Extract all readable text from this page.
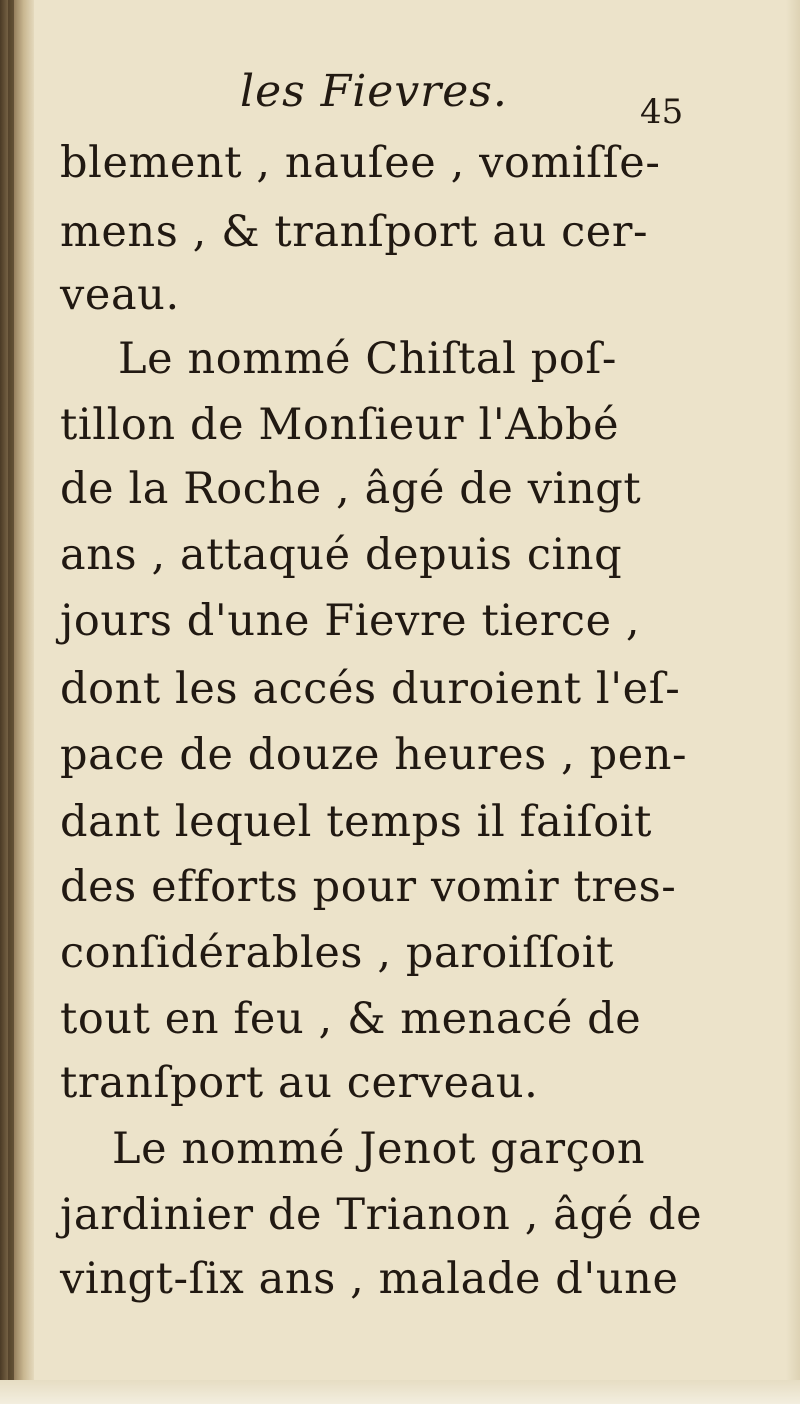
les Fievres.	45
blement , nauſee , vomiſſe-
mens , & tranſport au cer-
veau.
Le nommé Chiſtal poſ-
tillon de Monſieur l'Abbé
de la Roche , âgé de vingt
ans , attaqué depuis cinq
jours d'une Fievre tierce ,
dont les accés duroient l'eſ-
pace de douze heures , pen-
dant lequel temps il faiſoit
des efforts pour vomir tres-
conſidérables , paroiſſoit
tout en feu , & menacé de
tranſport au cerveau.
Le nommé Jenot garçon
jardinier de Trianon , âgé de
vingt-ſix ans , malade d'une
